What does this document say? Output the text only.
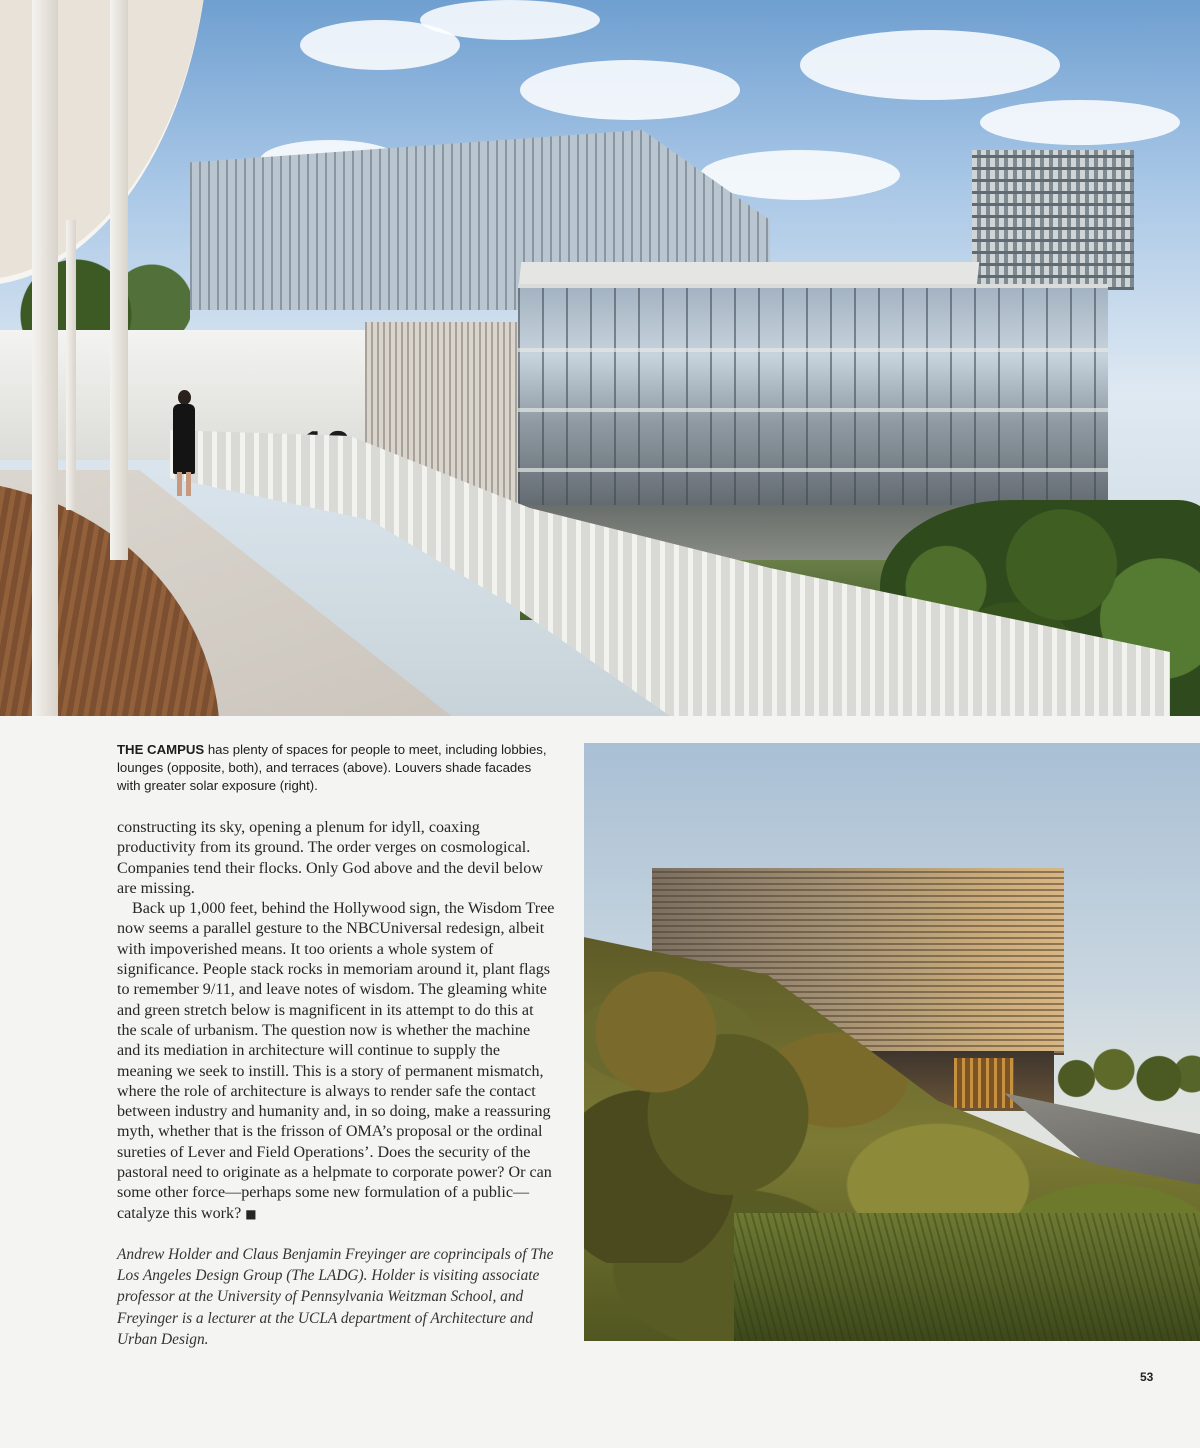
THE CAMPUS has plenty of spaces for people to meet, including lobbies, lounges (opposite, both), and terraces (above). Louvers shade facades with greater solar exposure (right).

constructing its sky, opening a plenum for idyll, coaxing productivity from its ground. The order verges on cosmological. Companies tend their flocks. Only God above and the devil below are missing.

Back up 1,000 feet, behind the Hollywood sign, the Wisdom Tree now seems a parallel gesture to the NBCUniversal redesign, albeit with impoverished means. It too orients a whole system of significance. People stack rocks in memoriam around it, plant flags to remember 9/11, and leave notes of wisdom. The gleaming white and green stretch below is magnificent in its attempt to do this at the scale of urbanism. The question now is whether the machine and its mediation in architecture will continue to supply the meaning we seek to instill. This is a story of permanent mismatch, where the role of architecture is always to render safe the contact between industry and humanity and, in so doing, make a reassuring myth, whether that is the frisson of OMA’s proposal or the ordinal sureties of Lever and Field Operations’. Does the security of the pastoral need to originate as a helpmate to corporate power? Or can some other force—perhaps some new formulation of a public—catalyze this work? ■

Andrew Holder and Claus Benjamin Freyinger are coprincipals of The Los Angeles Design Group (The LADG). Holder is visiting associate professor at the University of Pennsylvania Weitzman School, and Freyinger is a lecturer at the UCLA department of Architecture and Urban Design.

53
